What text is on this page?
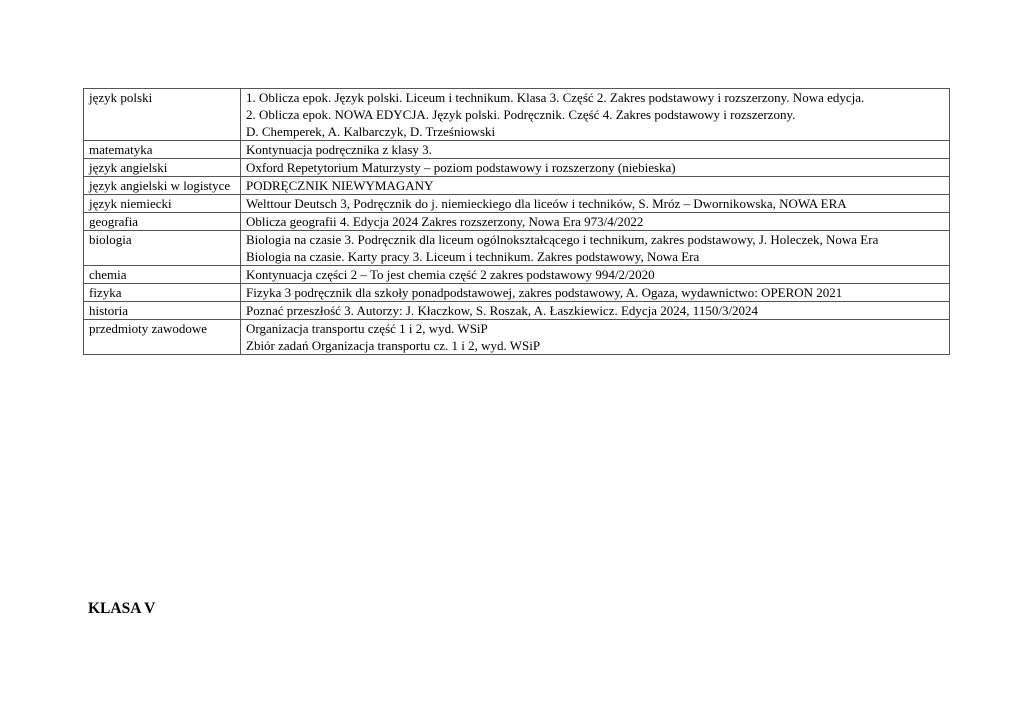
język polski	1. Oblicza epok. Język polski. Liceum i technikum. Klasa 3. Część 2. Zakres podstawowy i rozszerzony. Nowa edycja.
2. Oblicza epok. NOWA EDYCJA. Język polski. Podręcznik. Część 4. Zakres podstawowy i rozszerzony.
D. Chemperek, A. Kalbarczyk, D. Trześniowski

matematyka	Kontynuacja podręcznika z klasy 3.

język angielski	Oxford Repetytorium Maturzysty – poziom podstawowy i rozszerzony (niebieska)

język angielski w logistyce	PODRĘCZNIK NIEWYMAGANY

język niemiecki	Welttour Deutsch 3, Podręcznik do j. niemieckiego dla liceów i techników, S. Mróz – Dwornikowska, NOWA ERA

geografia	Oblicza geografii 4. Edycja 2024 Zakres rozszerzony, Nowa Era 973/4/2022

biologia	Biologia na czasie 3. Podręcznik dla liceum ogólnokształcącego i technikum, zakres podstawowy, J. Holeczek, Nowa Era
Biologia na czasie. Karty pracy 3. Liceum i technikum. Zakres podstawowy, Nowa Era

chemia	Kontynuacja części 2 – To jest chemia część 2 zakres podstawowy 994/2/2020

fizyka	Fizyka 3 podręcznik dla szkoły ponadpodstawowej, zakres podstawowy, A. Ogaza, wydawnictwo: OPERON 2021

historia	Poznać przeszłość 3. Autorzy: J. Kłaczkow, S. Roszak, A. Łaszkiewicz. Edycja 2024, 1150/3/2024

przedmioty zawodowe	Organizacja transportu część 1 i 2, wyd. WSiP
Zbiór zadań Organizacja transportu cz. 1 i 2, wyd. WSiP
KLASA V
